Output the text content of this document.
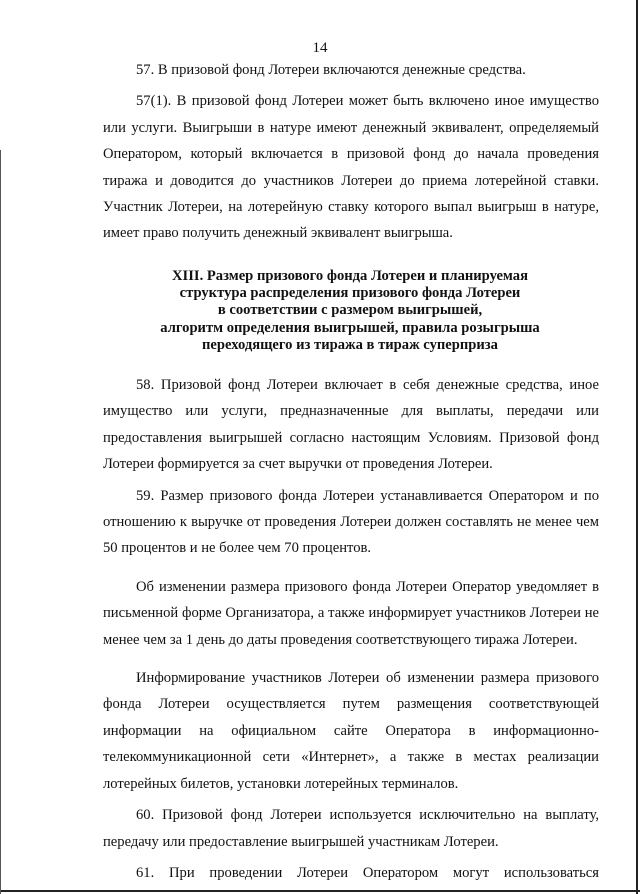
14

57. В призовой фонд Лотереи включаются денежные средства.

57(1). В призовой фонд Лотереи может быть включено иное имущество или услуги. Выигрыши в натуре имеют денежный эквивалент, определяемый Оператором, который включается в призовой фонд до начала проведения тиража и доводится до участников Лотереи до приема лотерейной ставки. Участник Лотереи, на лотерейную ставку которого выпал выигрыш в натуре, имеет право получить денежный эквивалент выигрыша.

XIII. Размер призового фонда Лотереи и планируемая
структура распределения призового фонда Лотереи
в соответствии с размером выигрышей,
алгоритм определения выигрышей, правила розыгрыша
переходящего из тиража в тираж суперприза

58. Призовой фонд Лотереи включает в себя денежные средства, иное имущество или услуги, предназначенные для выплаты, передачи или предоставления выигрышей согласно настоящим Условиям. Призовой фонд Лотереи формируется за счет выручки от проведения Лотереи.

59. Размер призового фонда Лотереи устанавливается Оператором и по отношению к выручке от проведения Лотереи должен составлять не менее чем 50 процентов и не более чем 70 процентов.

Об изменении размера призового фонда Лотереи Оператор уведомляет в письменной форме Организатора, а также информирует участников Лотереи не менее чем за 1 день до даты проведения соответствующего тиража Лотереи.

Информирование участников Лотереи об изменении размера призового фонда Лотереи осуществляется путем размещения соответствующей информации на официальном сайте Оператора в информационно-телекоммуникационной сети «Интернет», а также в местах реализации лотерейных билетов, установки лотерейных терминалов.

60. Призовой фонд Лотереи используется исключительно на выплату, передачу или предоставление выигрышей участникам Лотереи.

61. При проведении Лотереи Оператором могут использоваться
